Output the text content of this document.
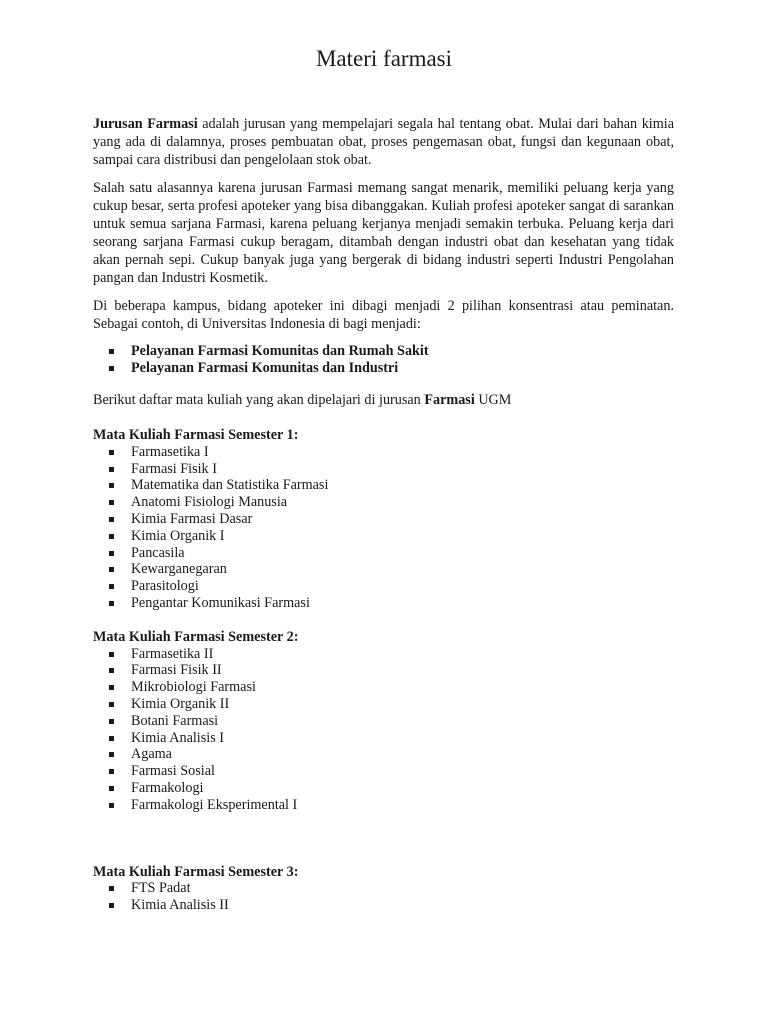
Materi farmasi

Jurusan Farmasi adalah jurusan yang mempelajari segala hal tentang obat. Mulai dari bahan kimia yang ada di dalamnya, proses pembuatan obat, proses pengemasan obat, fungsi dan kegunaan obat, sampai cara distribusi dan pengelolaan stok obat.

Salah satu alasannya karena jurusan Farmasi memang sangat menarik, memiliki peluang kerja yang cukup besar, serta profesi apoteker yang bisa dibanggakan. Kuliah profesi apoteker sangat di sarankan untuk semua sarjana Farmasi, karena peluang kerjanya menjadi semakin terbuka. Peluang kerja dari seorang sarjana Farmasi cukup beragam, ditambah dengan industri obat dan kesehatan yang tidak akan pernah sepi. Cukup banyak juga yang bergerak di bidang industri seperti Industri Pengolahan pangan dan Industri Kosmetik.

Di beberapa kampus, bidang apoteker ini dibagi menjadi 2 pilihan konsentrasi atau peminatan. Sebagai contoh, di Universitas Indonesia di bagi menjadi:

Pelayanan Farmasi Komunitas dan Rumah Sakit
Pelayanan Farmasi Komunitas dan Industri

Berikut daftar mata kuliah yang akan dipelajari di jurusan Farmasi UGM

Mata Kuliah Farmasi Semester 1:

Farmasetika I
Farmasi Fisik I
Matematika dan Statistika Farmasi
Anatomi Fisiologi Manusia
Kimia Farmasi Dasar
Kimia Organik I
Pancasila
Kewarganegaran
Parasitologi
Pengantar Komunikasi Farmasi

Mata Kuliah Farmasi Semester 2:

Farmasetika II
Farmasi Fisik II
Mikrobiologi Farmasi
Kimia Organik II
Botani Farmasi
Kimia Analisis I
Agama
Farmasi Sosial
Farmakologi
Farmakologi Eksperimental I

Mata Kuliah Farmasi Semester 3:

FTS Padat
Kimia Analisis II
